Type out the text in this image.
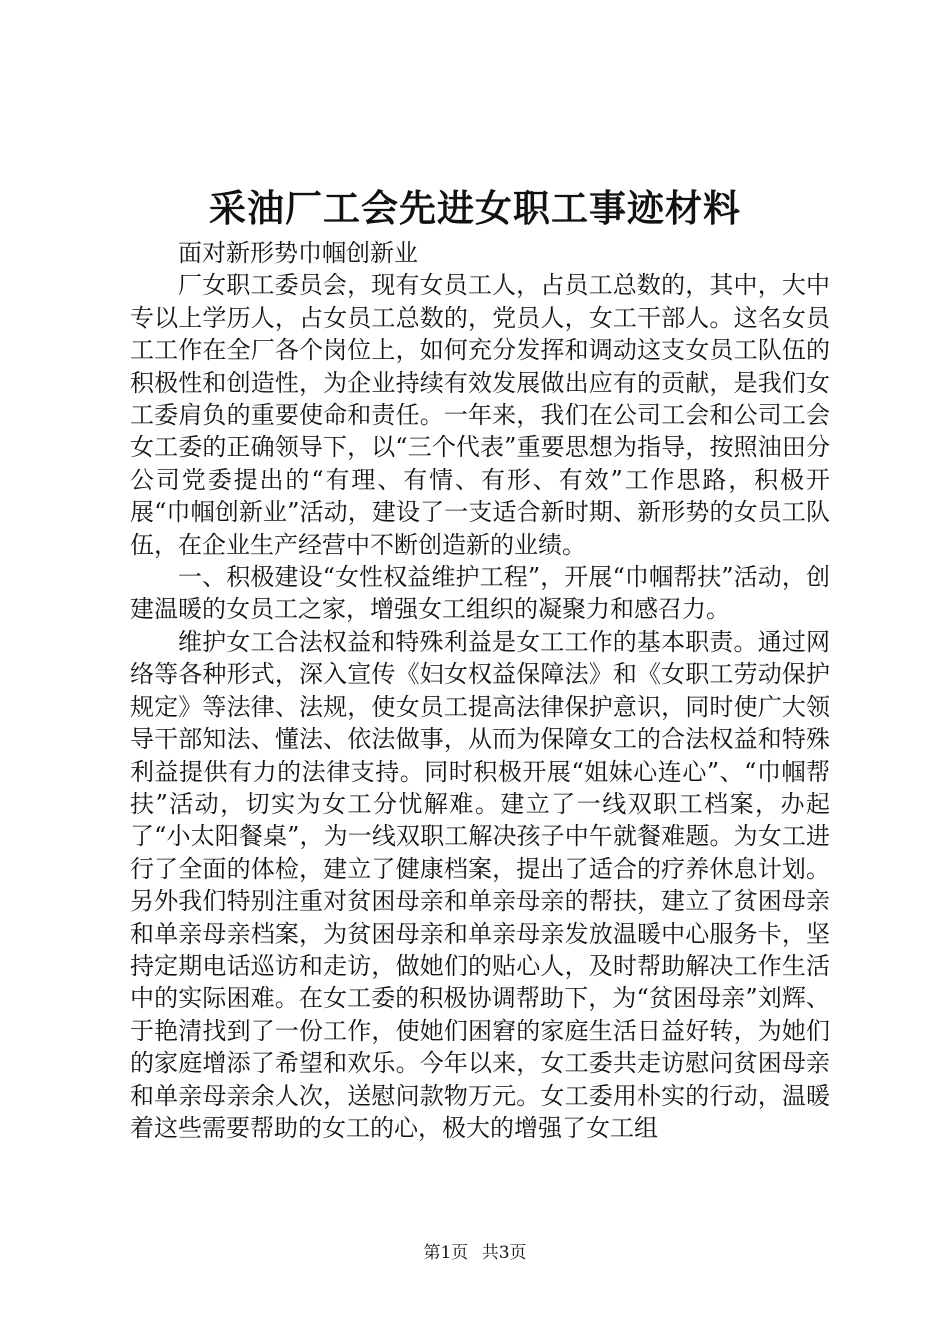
采油厂工会先进女职工事迹材料

面对新形势巾帼创新业

厂女职工委员会，现有女员工人，占员工总数的，其中，大中专以上学历人，占女员工总数的，党员人，女工干部人。这名女员工工作在全厂各个岗位上，如何充分发挥和调动这支女员工队伍的积极性和创造性，为企业持续有效发展做出应有的贡献，是我们女工委肩负的重要使命和责任。一年来，我们在公司工会和公司工会女工委的正确领导下，以“三个代表”重要思想为指导，按照油田分公司党委提出的“有理、有情、有形、有效”工作思路，积极开展“巾帼创新业”活动，建设了一支适合新时期、新形势的女员工队伍，在企业生产经营中不断创造新的业绩。

一、积极建设“女性权益维护工程”，开展“巾帼帮扶”活动，创建温暖的女员工之家，增强女工组织的凝聚力和感召力。

维护女工合法权益和特殊利益是女工工作的基本职责。通过网络等各种形式，深入宣传《妇女权益保障法》和《女职工劳动保护规定》等法律、法规，使女员工提高法律保护意识，同时使广大领导干部知法、懂法、依法做事，从而为保障女工的合法权益和特殊利益提供有力的法律支持。同时积极开展“姐妹心连心”、“巾帼帮扶”活动，切实为女工分忧解难。建立了一线双职工档案，办起了“小太阳餐桌”，为一线双职工解决孩子中午就餐难题。为女工进行了全面的体检，建立了健康档案，提出了适合的疗养休息计划。另外我们特别注重对贫困母亲和单亲母亲的帮扶，建立了贫困母亲和单亲母亲档案，为贫困母亲和单亲母亲发放温暖中心服务卡，坚持定期电话巡访和走访，做她们的贴心人，及时帮助解决工作生活中的实际困难。在女工委的积极协调帮助下，为“贫困母亲”刘辉、于艳清找到了一份工作，使她们困窘的家庭生活日益好转，为她们的家庭增添了希望和欢乐。今年以来，女工委共走访慰问贫困母亲和单亲母亲余人次，送慰问款物万元。女工委用朴实的行动，温暖着这些需要帮助的女工的心，极大的增强了女工组

第1页 共3页
